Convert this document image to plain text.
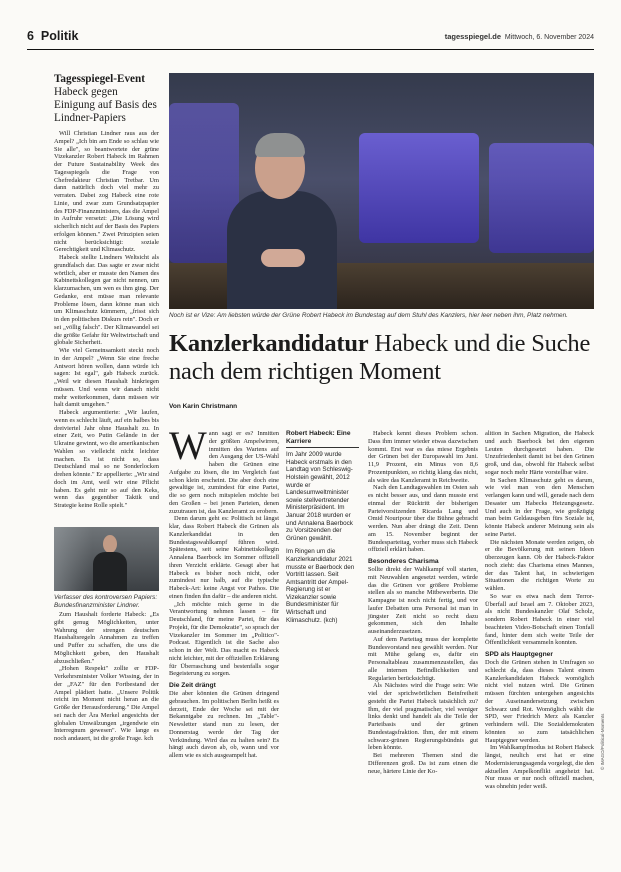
6 Politik	tagesspiegel.de Mittwoch, 6. November 2024
Tagesspiegel-Event
Habeck gegen Einigung auf Basis des Lindner-Papiers

Will Christian Lindner raus aus der Ampel? „Ich bin am Ende so schlau wie Sie alle", so beantwortete der grüne Vizekanzler Robert Habeck im Rahmen der Future Sustainability Week des Tagesspiegels die Frage von Chefredakteur Christian Tretbar. Um dann natürlich doch viel mehr zu verraten. Dabei zog Habeck eine rote Linie, und zwar zum Grundsatzpapier des FDP-Finanzministers, das die Ampel in Aufruhr versetzt: „Die Lösung wird sicherlich nicht auf der Basis des Papiers erfolgen können." Zwei Prinzipien seien nicht berücksichtigt: soziale Gerechtigkeit und Klimaschutz.

Habeck stellte Lindners Weltsicht als grundfalsch dar. Das sagte er zwar nicht wörtlich, aber er musste den Namen des Kabinettskollegen gar nicht nennen, um klarzumachen, um wen es ihm ging. Der Gedanke, erst müsse man relevante Probleme lösen, dann könne man sich um Klimaschutz kümmern, „frisst sich in den politischen Diskurs rein". Doch er sei „völlig falsch". Der Klimawandel sei die größte Gefahr für Weltwirtschaft und globale Sicherheit.

Wie viel Gemeinsamkeit steckt noch in der Ampel? „Wenn Sie eine freche Antwort hören wollen, dann würde ich sagen: Ist egal", gab Habeck zurück. „Weil wir diesen Haushalt hinkriegen müssen. Und wenn wir danach nicht mehr weiterkommen, dann müssen wir halt damit umgehen."

Habeck argumentierte: „Wir laufen, wenn es schlecht läuft, auf ein halbes bis dreiviertel Jahr ohne Haushalt zu. In einer Zeit, wo Putin Gelände in der Ukraine gewinnt, wo die amerikanischen Wahlen so vielleicht nicht leichter machen. Es ist nicht so, dass Deutschland mal so ne Sonderlocken drehen könnte." Er appellierte: „Wir sind doch im Amt, weil wir eine Pflicht haben. Es geht mir so auf den Keks, wenn das gegenüber Taktik und Strategie keine Rolle spielt."

Verfasser des kontroversen Papiers: Bundesfinanzminister Lindner.

Zum Haushalt forderte Habeck: „Es gibt genug Möglichkeiten, unter Wahrung der strengen deutschen Haushaltsregeln Annahmen zu treffen und Puffer zu schaffen, die uns die Möglichkeit geben, den Haushalt abzuschließen."

„Hohen Respekt" zollte er FDP-Verkehrsminister Volker Wissing, der in der „FAZ" für den Fortbestand der Ampel plädiert hatte. „Unsere Politik reicht im Moment nicht heran an die Größe der Herausforderung." Die Ampel sei nach der Ära Merkel angesichts der globalen Umwälzungen „irgendwie ein Interregnum gewesen". Wie lange es noch andauert, ist die große Frage. kch

Noch ist er Vize: Am liebsten würde der Grüne Robert Habeck im Bundestag auf dem Stuhl des Kanzlers, hier leer neben ihm, Platz nehmen.
Kanzlerkandidatur Habeck und die Suche nach dem richtigen Moment
Von Karin Christmann

Wann sagt er es? Inmitten der größten Ampelwirren, inmitten des Wartens auf den Ausgang der US-Wahl haben die Grünen eine Aufgabe zu lösen, die im Vergleich fast schon klein erscheint. Die aber doch eine gewaltige ist, zumindest für eine Partei, die so gern noch mitspielen möchte bei den Großen – bei jenen Parteien, denen zuzutrauen ist, das Kanzleramt zu erobern.

Denn darum geht es: Politisch ist längst klar, dass Robert Habeck die Grünen als Kanzlerkandidat in den Bundestagswahlkampf führen wird. Spätestens, seit seine Kabinettskollegin Annalena Baerbock im Sommer offiziell ihren Verzicht erklärte. Gesagt aber hat Habeck es bisher noch nicht, oder zumindest nur halb, auf die typische Habeck-Art: keine Angst vor Pathos. Die einen finden ihn dafür – die anderen nicht.

„Ich möchte mich gerne in die Verantwortung nehmen lassen – für Deutschland, für meine Partei, für das Projekt, für die Demokratie", so sprach der Vizekanzler im Sommer im „Politico"-Podcast. Eigentlich ist die Sache also schon in der Welt. Das macht es Habeck nicht leichter, mit der offiziellen Erklärung für Überraschung und bestenfalls sogar Begeisterung zu sorgen.

Die Zeit drängt

Die aber könnten die Grünen dringend gebrauchen. Im politischen Berlin heißt es derzeit, Ende der Woche sei mit der Bekanntgabe zu rechnen. Im „Table"-Newsletter stand nun zu lesen, der Donnerstag werde der Tag der Verkündung. Wird das zu halten sein? Es hängt auch davon ab, ob, wann und vor allem wie es sich ausgeampelt hat.

Robert Habeck: Eine Karriere

Im Jahr 2009 wurde Habeck erstmals in den Landtag von Schleswig-Holstein gewählt, 2012 wurde er Landesumweltminister sowie stellvertretender Ministerpräsident. Im Januar 2018 wurden er und Annalena Baerbock zu Vorsitzenden der Grünen gewählt.

Im Ringen um die Kanzlerkandidatur 2021 musste er Baerbock den Vortritt lassen. Seit Amtsantritt der Ampel-Regierung ist er Vizekanzler sowie Bundesminister für Wirtschaft und Klimaschutz. (kch)

Habeck kennt dieses Problem schon. Dass ihm immer wieder etwas dazwischen kommt. Erst war es das miese Ergebnis der Grünen bei der Europawahl im Juni. 11,9 Prozent, ein Minus von 8,6 Prozentpunkten, so richtig klang das nicht, als wäre das Kanzleramt in Reichweite.

Nach den Landtagswahlen im Osten sah es nicht besser aus, und dann musste erst einmal der Rücktritt der bisherigen Parteivorsitzenden Ricarda Lang und Omid Nouripour über die Bühne gebracht werden. Nun aber drängt die Zeit. Denn am 15. November beginnt der Bundesparteitag, vorher muss sich Habeck offiziell erklärt haben.

Besonderes Charisma

Sollte direkt der Wahlkampf voll starten, mit Neuwahlen angesetzt werden, würde das die Grünen vor größere Probleme stellen als so manche Mitbewerberin. Die Kampagne ist noch nicht fertig, und vor laufer Debatten ums Personal ist man in jüngster Zeit nicht so recht dazu gekommen, sich den Inhalte auseinanderzusetzen.

Auf dem Parteitag muss der komplette Bundesvorstand neu gewählt werden. Nur mit Mühe gelang es, dafür ein Personaltableau zusammenzustellen, das alle internen Befindlichkeiten und Regularien berücksichtigt.

Als Nächstes wird die Frage sein: Wie viel der sprichwörtlichen Beinfreiheit gesteht die Partei Habeck tatsächlich zu? Ihm, der viel pragmatischer, viel weniger links denkt und handelt als die Teile der Parteibasis und der grünen Bundestagsfraktion. Ihm, der mit einem schwarz-grünen Regierungsbündnis gut leben könnte.

Bei mehreren Themen sind die Differenzen groß. Da ist zum einen die neue, härtere Linie der Ko-

alition in Sachen Migration, die Habeck und auch Baerbock bei den eigenen Leuten durchgesetzt haben. Die Unzufriedenheit damit ist bei den Grünen groß, und das, obwohl für Habeck selbst sogar noch mehr Härte vorstellbar wäre.

In Sachen Klimaschutz geht es darum, wie viel man von den Menschen verlangen kann und will, gerade nach dem Desaster um Habecks Heizungsgesetz. Und auch in der Frage, wie großzügig man beim Geldausgeben fürs Soziale ist, könnte Habeck anderer Meinung sein als seine Partei.

Die nächsten Monate werden zeigen, ob er die Bevölkerung mit seinen Ideen überzeugen kann. Ob der Habeck-Faktor noch zieht: das Charisma eines Mannes, der das Talent hat, in schwierigen Situationen die richtigen Worte zu wählen.

So war es etwa nach dem Terror-Überfall auf Israel am 7. Oktober 2023, als nicht Bundeskanzler Olaf Scholz, sondern Robert Habeck in einer viel beachteten Video-Botschaft einen Tonfall fand, hinter dem sich weite Teile der Öffentlichkeit versammeln konnten.

SPD als Hauptgegner

Doch die Grünen stehen in Umfragen so schlecht da, dass dieses Talent einem Kanzlerkandidaten Habeck womöglich nicht viel nutzen wird. Die Grünen müssen fürchten untergehen angesichts der Auseinandersetzung zwischen Schwarz und Rot. Womöglich wählt die SPD, wer Friedrich Merz als Kanzler verhindern will. Die Sozialdemokraten könnten so zum tatsächlichen Hauptgegner werden.

Im Wahlkampfmodus ist Robert Habeck längst, neulich erst hat er eine Modernisierungsagenda vorgelegt, die den aktuellen Ampelkonflikt angeheizt hat. Nur muss er nur noch offiziell machen, was ohnehin jeder weiß.

© IMAGO/Political-Moments
